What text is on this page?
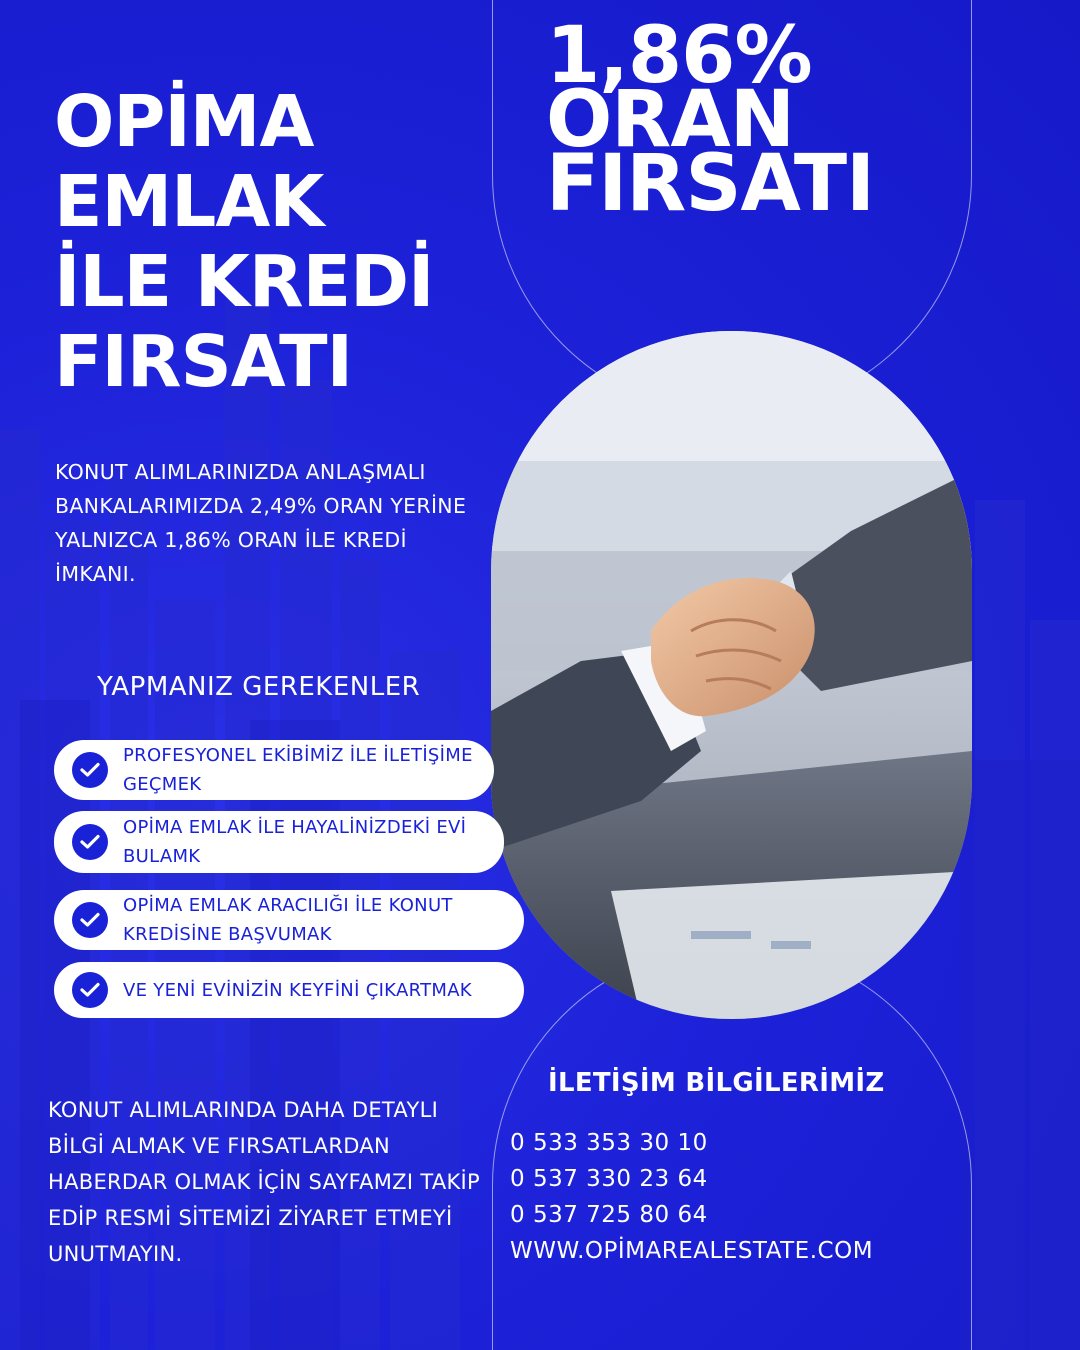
OPİMA
EMLAK
İLE KREDİ
FIRSATI
1,86%
ORAN
FIRSATI
KONUT ALIMLARINIZDA ANLAŞMALI BANKALARIMIZDA 2,49% ORAN YERİNE YALNIZCA 1,86% ORAN İLE KREDİ İMKANI.
YAPMANIZ GEREKENLER
PROFESYONEL EKİBİMİZ İLE İLETİŞİME GEÇMEK
OPİMA EMLAK İLE HAYALİNİZDEKİ EVİ BULAMK
OPİMA EMLAK ARACILIĞI İLE KONUT KREDİSİNE BAŞVUMAK
VE YENİ EVİNİZİN KEYFİNİ ÇIKARTMAK
KONUT ALIMLARINDA DAHA DETAYLI BİLGİ ALMAK VE FIRSATLARDAN HABERDAR OLMAK İÇİN SAYFAMZI TAKİP EDİP RESMİ SİTEMİZİ ZİYARET ETMEYİ UNUTMAYIN.
İLETİŞİM BİLGİLERİMİZ
0 533 353 30 10
0 537 330 23 64
0 537 725 80 64
WWW.OPİMAREALESTATE.COM
